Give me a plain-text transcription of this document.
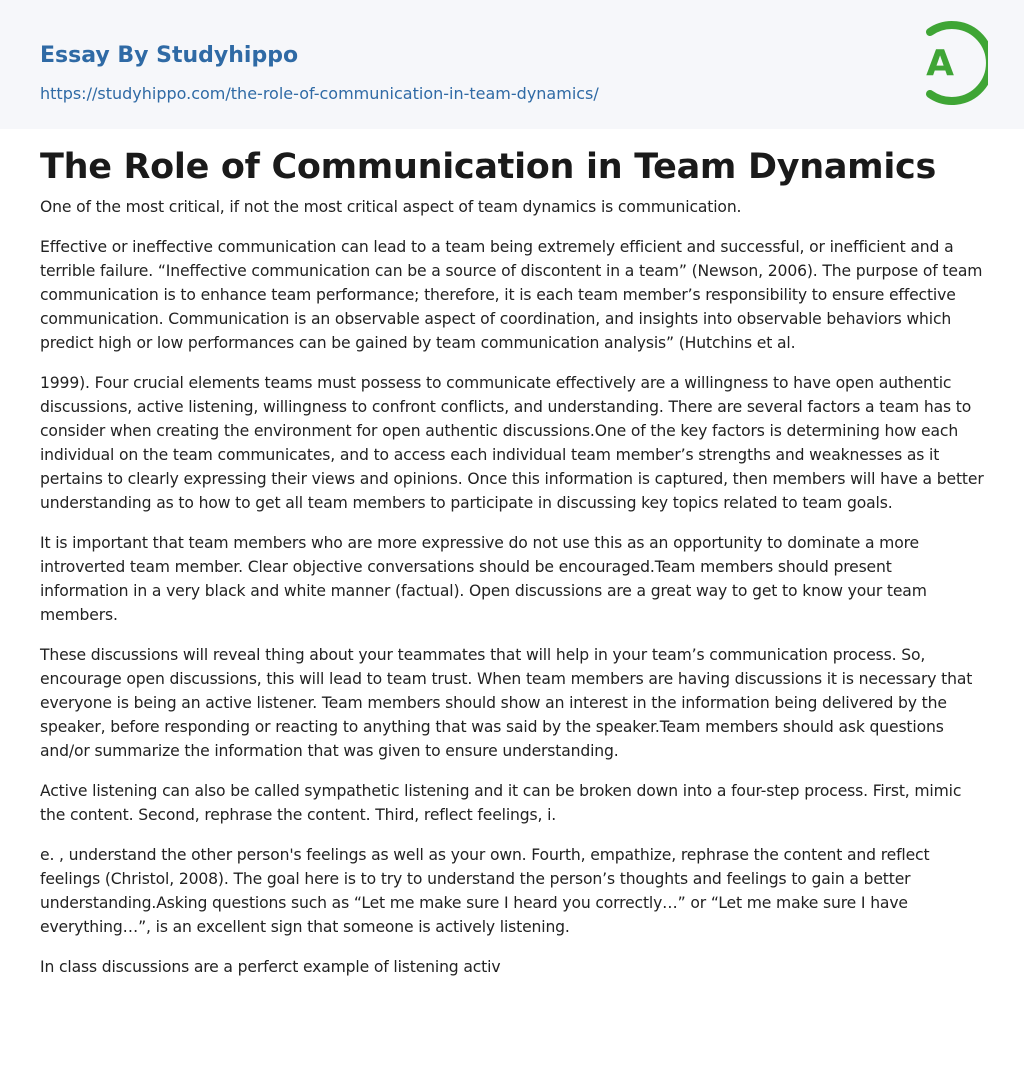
Essay By Studyhippo
https://studyhippo.com/the-role-of-communication-in-team-dynamics/
A
The Role of Communication in Team Dynamics

One of the most critical, if not the most critical aspect of team dynamics is communication.

Effective or ineffective communication can lead to a team being extremely efficient and successful, or inefficient and a terrible failure. “Ineffective communication can be a source of discontent in a team” (Newson, 2006). The purpose of team communication is to enhance team performance; therefore, it is each team member’s responsibility to ensure effective communication. Communication is an observable aspect of coordination, and insights into observable behaviors which predict high or low performances can be gained by team communication analysis” (Hutchins et al.

1999). Four crucial elements teams must possess to communicate effectively are a willingness to have open authentic discussions, active listening, willingness to confront conflicts, and understanding. There are several factors a team has to consider when creating the environment for open authentic discussions.One of the key factors is determining how each individual on the team communicates, and to access each individual team member’s strengths and weaknesses as it pertains to clearly expressing their views and opinions. Once this information is captured, then members will have a better understanding as to how to get all team members to participate in discussing key topics related to team goals.

It is important that team members who are more expressive do not use this as an opportunity to dominate a more introverted team member. Clear objective conversations should be encouraged.Team members should present information in a very black and white manner (factual). Open discussions are a great way to get to know your team members.

These discussions will reveal thing about your teammates that will help in your team’s communication process. So, encourage open discussions, this will lead to team trust. When team members are having discussions it is necessary that everyone is being an active listener. Team members should show an interest in the information being delivered by the speaker, before responding or reacting to anything that was said by the speaker.Team members should ask questions and/or summarize the information that was given to ensure understanding.

Active listening can also be called sympathetic listening and it can be broken down into a four-step process. First, mimic the content. Second, rephrase the content. Third, reflect feelings, i.

e. , understand the other person's feelings as well as your own. Fourth, empathize, rephrase the content and reflect feelings (Christol, 2008). The goal here is to try to understand the person’s thoughts and feelings to gain a better understanding.Asking questions such as “Let me make sure I heard you correctly…” or “Let me make sure I have everything…”, is an excellent sign that someone is actively listening.

In class discussions are a perferct example of listening activ
